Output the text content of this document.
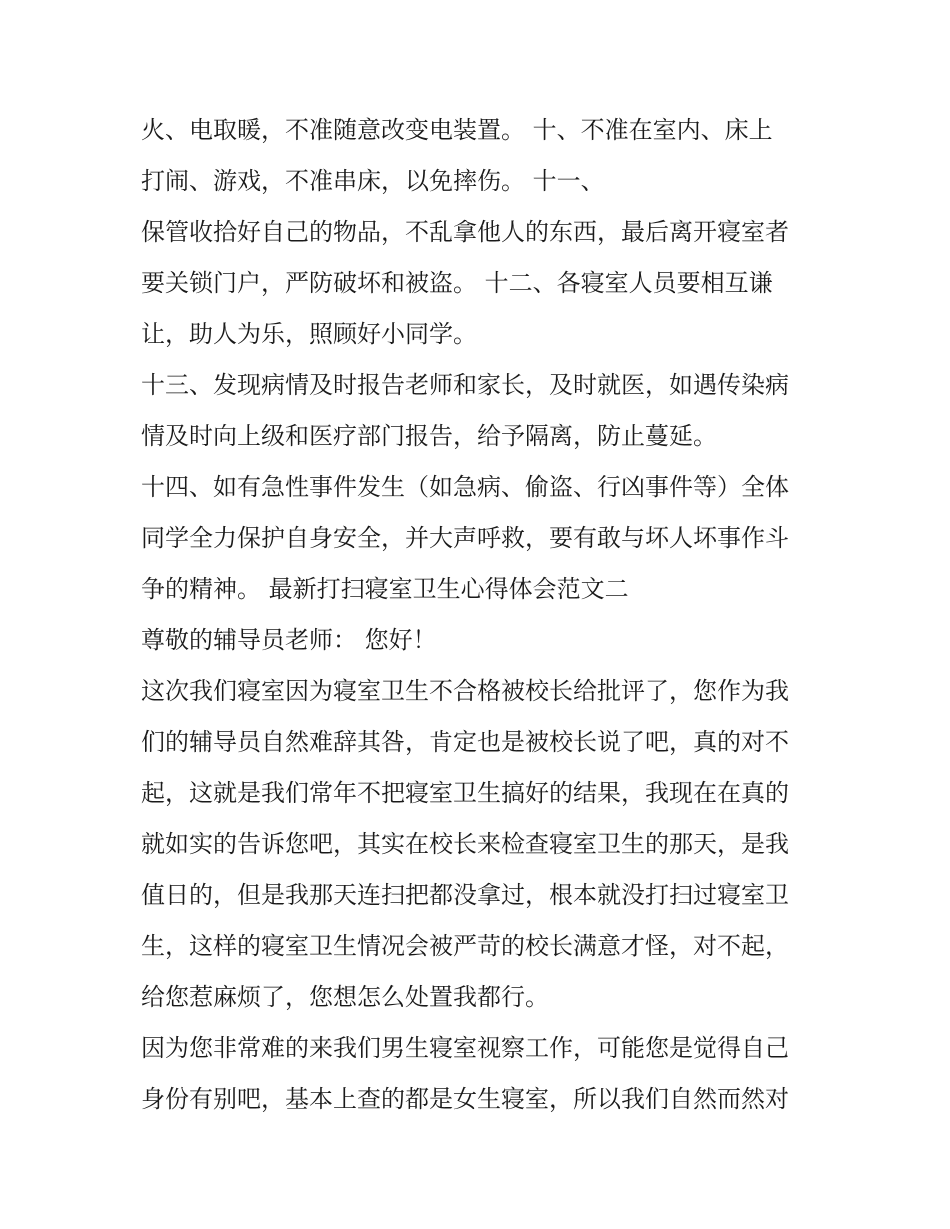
火、电取暖，不准随意改变电装置。 十、不准在室内、床上
打闹、游戏，不准串床，以免摔伤。 十一、
保管收拾好自己的物品，不乱拿他人的东西，最后离开寝室者
要关锁门户，严防破坏和被盗。 十二、各寝室人员要相互谦
让，助人为乐，照顾好小同学。
十三、发现病情及时报告老师和家长，及时就医，如遇传染病
情及时向上级和医疗部门报告，给予隔离，防止蔓延。
十四、如有急性事件发生（如急病、偷盗、行凶事件等）全体
同学全力保护自身安全，并大声呼救，要有敢与坏人坏事作斗
争的精神。 最新打扫寝室卫生心得体会范文二
尊敬的辅导员老师： 您好！
这次我们寝室因为寝室卫生不合格被校长给批评了，您作为我
们的辅导员自然难辞其咎，肯定也是被校长说了吧，真的对不
起，这就是我们常年不把寝室卫生搞好的结果，我现在在真的
就如实的告诉您吧，其实在校长来检查寝室卫生的那天，是我
值日的，但是我那天连扫把都没拿过，根本就没打扫过寝室卫
生，这样的寝室卫生情况会被严苛的校长满意才怪，对不起，
给您惹麻烦了，您想怎么处置我都行。
因为您非常难的来我们男生寝室视察工作，可能您是觉得自己
身份有别吧，基本上查的都是女生寝室，所以我们自然而然对
